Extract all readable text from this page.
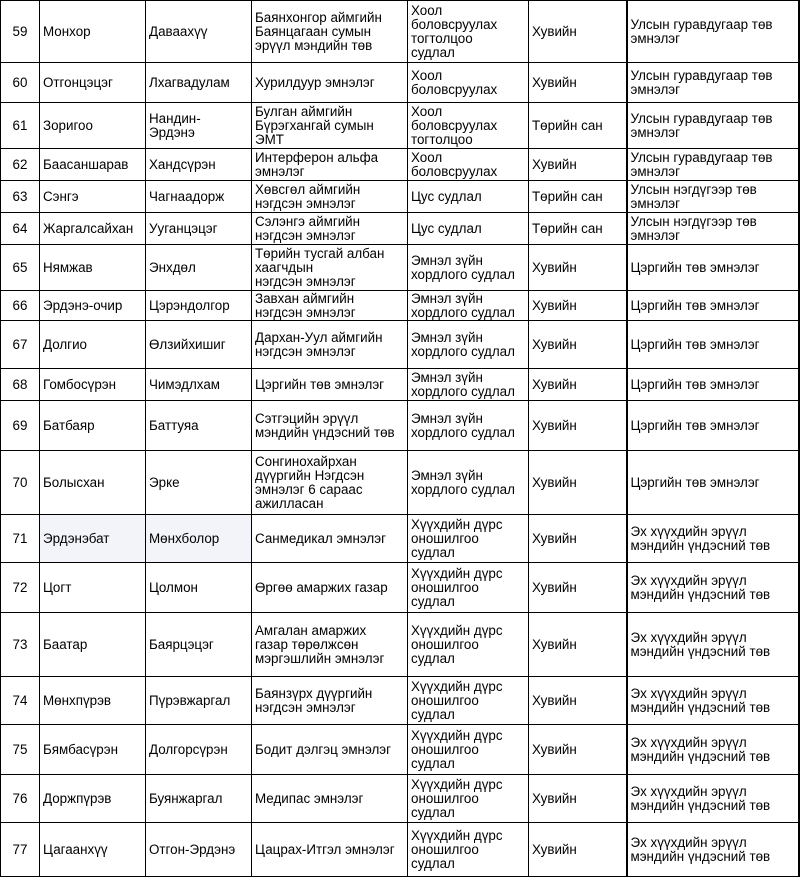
59	Монхор	Даваахүү	Баянхонгор аймгийн
Баянцагаан сумын
эрүүл мэндийн төв	Хоол
боловсруулах
тогтолцоо
судлал	Хувийн	Улсын гуравдугаар төв
эмнэлэг
60	Отгонцэцэг	Лхагвадулам	Хурилдуур эмнэлэг	Хоол
боловсруулах	Хувийн	Улсын гуравдугаар төв
эмнэлэг
61	Зоригоо	Нандин-
Эрдэнэ	Булган аймгийн
Бүрэгхангай сумын
ЭМТ	Хоол
боловсруулах
тогтолцоо	Төрийн сан	Улсын гуравдугаар төв
эмнэлэг
62	Баасаншарав	Хандсүрэн	Интерферон альфа
эмнэлэг	Хоол
боловсруулах	Хувийн	Улсын гуравдугаар төв
эмнэлэг
63	Сэнгэ	Чагнаадорж	Хөвсгөл аймгийн
нэгдсэн эмнэлэг	Цус судлал	Төрийн сан	Улсын нэгдүгээр төв
эмнэлэг
64	Жаргалсайхан	Ууганцэцэг	Сэлэнгэ аймгийн
нэгдсэн эмнэлэг	Цус судлал	Төрийн сан	Улсын нэгдүгээр төв
эмнэлэг
65	Нямжав	Энхдөл	Төрийн тусгай албан
хаагчдын
нэгдсэн эмнэлэг	Эмнэл зүйн
хордлого судлал	Хувийн	Цэргийн төв эмнэлэг
66	Эрдэнэ-очир	Цэрэндолгор	Завхан аймгийн
нэгдсэн эмнэлэг	Эмнэл зүйн хордлого судлал	Хувийн	Цэргийн төв эмнэлэг
67	Долгио	Өлзийхишиг	Дархан-Уул аймгийн
нэгдсэн эмнэлэг	Эмнэл зүйн
хордлого судлал	Хувийн	Цэргийн төв эмнэлэг
68	Гомбосүрэн	Чимэдлхам	Цэргийн төв эмнэлэг	Эмнэл зүйн
хордлого судлал	Хувийн	Цэргийн төв эмнэлэг
69	Батбаяр	Баттуяа	Сэтгэцийн эрүүл
мэндийн үндэсний төв	Эмнэл зүйн
хордлого судлал	Хувийн	Цэргийн төв эмнэлэг
70	Болысхан	Эрке	Сонгинохайрхан
дүүргийн Нэгдсэн
эмнэлэг 6 сараас
ажилласан	Эмнэл зүйн
хордлого судлал	Хувийн	Цэргийн төв эмнэлэг
71	Эрдэнэбат	Мөнхболор	Санмедикал эмнэлэг	Хүүхдийн дүрс
оношилгоо
судлал	Хувийн	Эх хүүхдийн эрүүл
мэндийн үндэсний төв
72	Цогт	Цолмон	Өргөө амаржих газар	Хүүхдийн дүрс
оношилгоо
судлал	Хувийн	Эх хүүхдийн эрүүл
мэндийн үндэсний төв
73	Баатар	Баярцэцэг	Амгалан амаржих
газар төрөлжсөн
мэргэшлийн эмнэлэг	Хүүхдийн дүрс
оношилгоо
судлал	Хувийн	Эх хүүхдийн эрүүл
мэндийн үндэсний төв
74	Мөнхпүрэв	Пүрэвжаргал	Баянзүрх дүүргийн
нэгдсэн эмнэлэг	Хүүхдийн дүрс
оношилгоо
судлал	Хувийн	Эх хүүхдийн эрүүл
мэндийн үндэсний төв
75	Бямбасүрэн	Долгорсүрэн	Бодит дэлгэц эмнэлэг	Хүүхдийн дүрс
оношилгоо
судлал	Хувийн	Эх хүүхдийн эрүүл
мэндийн үндэсний төв
76	Доржпүрэв	Буянжаргал	Медипас эмнэлэг	Хүүхдийн дүрс
оношилгоо
судлал	Хувийн	Эх хүүхдийн эрүүл
мэндийн үндэсний төв
77	Цагаанхүү	Отгон-Эрдэнэ	Цацрах-Итгэл эмнэлэг	Хүүхдийн дүрс
оношилгоо
судлал	Хувийн	Эх хүүхдийн эрүүл
мэндийн үндэсний төв
